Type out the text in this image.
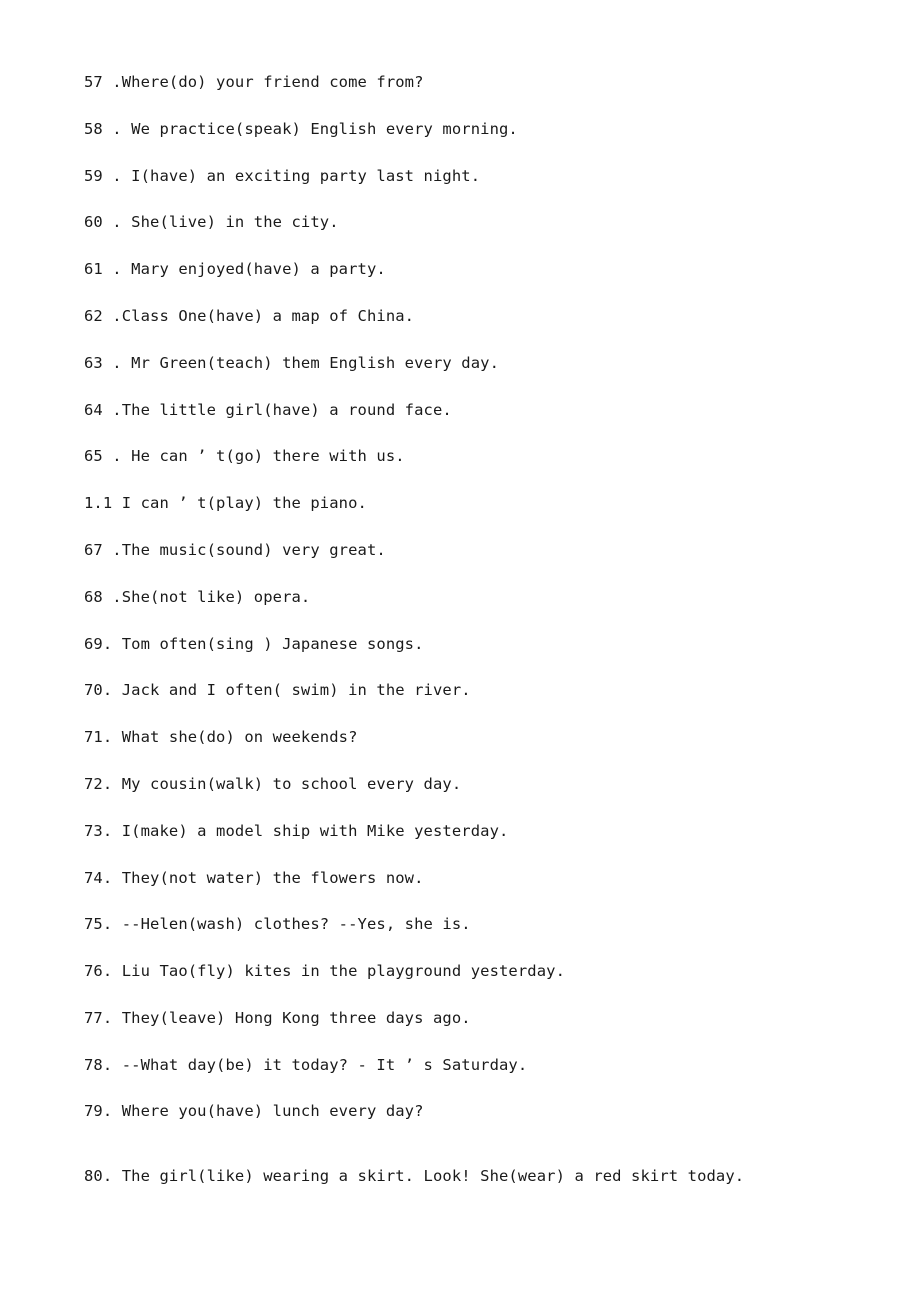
57 .Where(do) your friend come from?
58 . We practice(speak) English every morning.
59 . I(have) an exciting party last night.
60 . She(live) in the city.
61 . Mary enjoyed(have) a party.
62 .Class One(have) a map of China.
63 . Mr Green(teach) them English every day.
64 .The little girl(have) a round face.
65 . He can ’ t(go) there with us.
1.1 I can ’ t(play) the piano.
67 .The music(sound) very great.
68 .She(not like) opera.
69. Tom often(sing ) Japanese songs.
70. Jack and I often( swim) in the river.
71. What she(do) on weekends?
72. My cousin(walk) to school every day.
73. I(make) a model ship with Mike yesterday.
74. They(not water) the flowers now.
75. --Helen(wash) clothes? --Yes, she is.
76. Liu Tao(fly) kites in the playground yesterday.
77. They(leave) Hong Kong three days ago.
78. --What day(be) it today? - It ’ s Saturday.
79. Where you(have) lunch every day?
80. The girl(like) wearing a skirt. Look! She(wear) a red skirt today.
